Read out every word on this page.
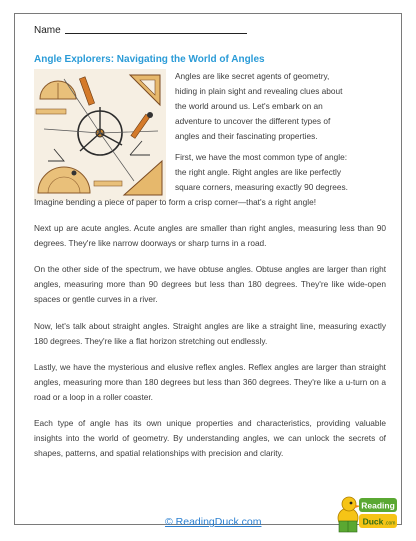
Name
Angle Explorers: Navigating the World of Angles
Angles are like secret agents of geometry,
hiding in plain sight and revealing clues about
the world around us. Let's embark on an
adventure to uncover the different types of
angles and their fascinating properties.
First, we have the most common type of angle:
the right angle. Right angles are like perfectly
square corners, measuring exactly 90 degrees.
Imagine bending a piece of paper to form a crisp corner—that's a right angle!
Next up are acute angles. Acute angles are smaller than right angles, measuring less than 90 degrees. They're like narrow doorways or sharp turns in a road.
On the other side of the spectrum, we have obtuse angles. Obtuse angles are larger than right angles, measuring more than 90 degrees but less than 180 degrees. They're like wide-open spaces or gentle curves in a river.
Now, let's talk about straight angles. Straight angles are like a straight line, measuring exactly 180 degrees. They're like a flat horizon stretching out endlessly.
Lastly, we have the mysterious and elusive reflex angles. Reflex angles are larger than straight angles, measuring more than 180 degrees but less than 360 degrees. They're like a u-turn on a road or a loop in a roller coaster.
Each type of angle has its own unique properties and characteristics, providing valuable insights into the world of geometry. By understanding angles, we can unlock the secrets of shapes, patterns, and spatial relationships with precision and clarity.
© ReadingDuck.com
Reading
Duck .com
